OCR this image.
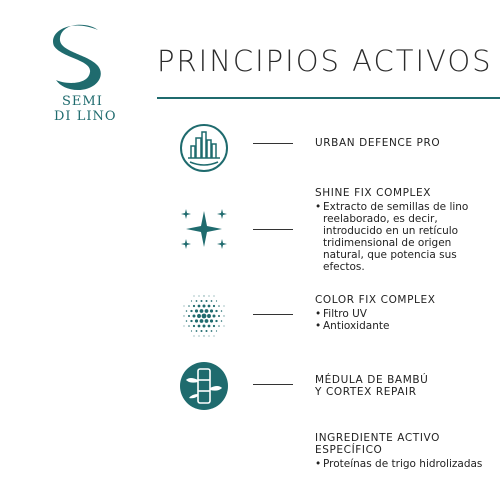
SEMI
DI LINO
PRINCIPIOS ACTIVOS
URBAN DEFENCE PRO
SHINE FIX COMPLEX
• Extracto de semillas de lino reelaborado, es decir, introducido en un retículo tridimensional de origen natural, que potencia sus efectos.
COLOR FIX COMPLEX
• Filtro UV
• Antioxidante
MÉDULA DE BAMBÚ
Y CORTEX REPAIR
INGREDIENTE ACTIVO
ESPECÍFICO
• Proteínas de trigo hidrolizadas
